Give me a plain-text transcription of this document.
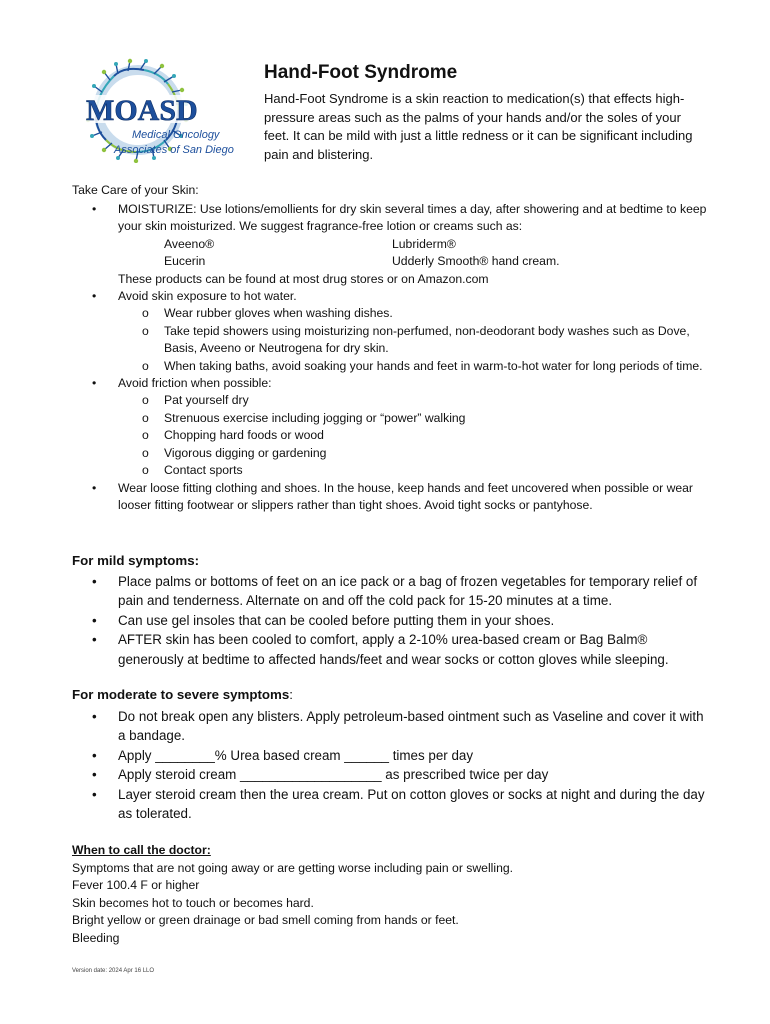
MOASD
Medical Oncology
Associates of San Diego
Hand-Foot Syndrome

Hand-Foot Syndrome is a skin reaction to medication(s) that effects high-pressure areas such as the palms of your hands and/or the soles of your feet. It can be mild with just a little redness or it can be significant including pain and blistering.

Take Care of your Skin:

• MOISTURIZE: Use lotions/emollients for dry skin several times a day, after showering and at bedtime to keep your skin moisturized. We suggest fragrance-free lotion or creams such as:
Aveeno®	Lubriderm®
Eucerin	Udderly Smooth® hand cream.

These products can be found at most drug stores or on Amazon.com

• Avoid skin exposure to hot water.
o Wear rubber gloves when washing dishes.
o Take tepid showers using moisturizing non-perfumed, non-deodorant body washes such as Dove, Basis, Aveeno or Neutrogena for dry skin.
o When taking baths, avoid soaking your hands and feet in warm-to-hot water for long periods of time.
• Avoid friction when possible:
o Pat yourself dry
o Strenuous exercise including jogging or “power” walking
o Chopping hard foods or wood
o Vigorous digging or gardening
o Contact sports
• Wear loose fitting clothing and shoes. In the house, keep hands and feet uncovered when possible or wear looser fitting footwear or slippers rather than tight shoes. Avoid tight socks or pantyhose.

For mild symptoms:

• Place palms or bottoms of feet on an ice pack or a bag of frozen vegetables for temporary relief of pain and tenderness. Alternate on and off the cold pack for 15-20 minutes at a time.
• Can use gel insoles that can be cooled before putting them in your shoes.
• AFTER skin has been cooled to comfort, apply a 2-10% urea-based cream or Bag Balm® generously at bedtime to affected hands/feet and wear socks or cotton gloves while sleeping.

For moderate to severe symptoms:

• Do not break open any blisters. Apply petroleum-based ointment such as Vaseline and cover it with a bandage.
• Apply ________% Urea based cream ______ times per day
• Apply steroid cream ___________________ as prescribed twice per day
• Layer steroid cream then the urea cream. Put on cotton gloves or socks at night and during the day as tolerated.

When to call the doctor:

Symptoms that are not going away or are getting worse including pain or swelling.
Fever 100.4 F or higher
Skin becomes hot to touch or becomes hard.
Bright yellow or green drainage or bad smell coming from hands or feet.
Bleeding
Version date: 2024 Apr 16 LLO
